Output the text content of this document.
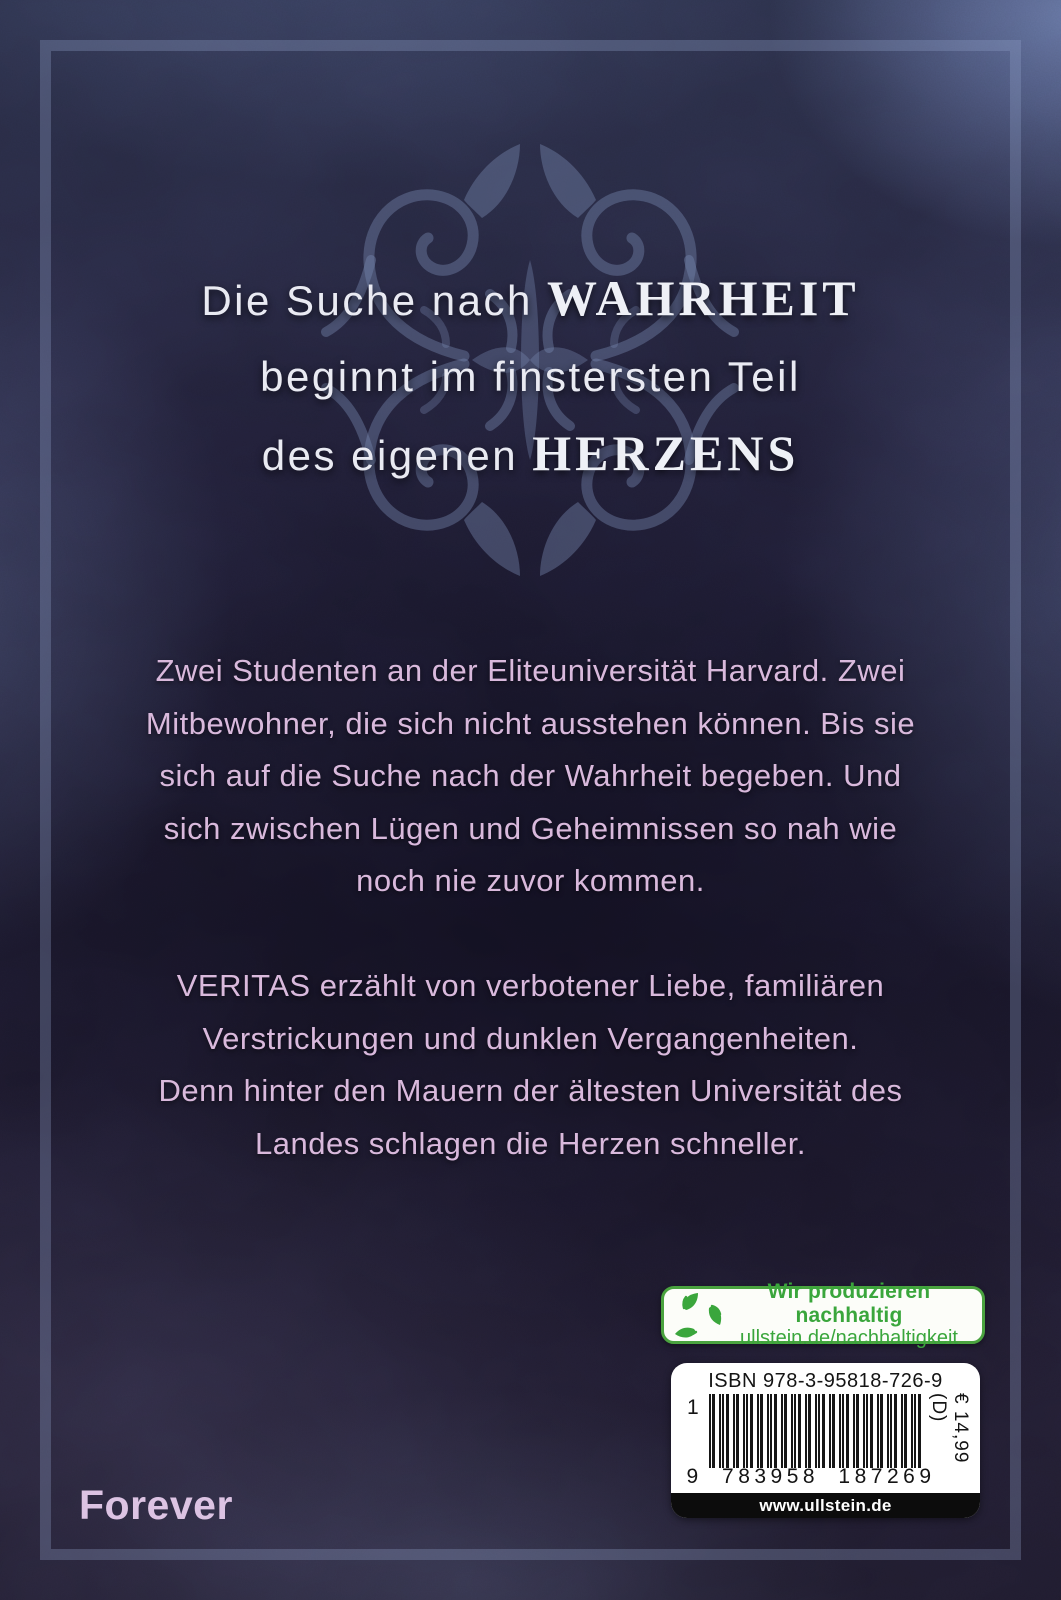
Die Suche nach WAHRHEIT
beginnt im finstersten Teil
des eigenen HERZENS
Zwei Studenten an der Eliteuniversität Harvard. Zwei
Mitbewohner, die sich nicht ausstehen können. Bis sie
sich auf die Suche nach der Wahrheit begeben. Und
sich zwischen Lügen und Geheimnissen so nah wie
noch nie zuvor kommen.
VERITAS erzählt von verbotener Liebe, familiären
Verstrickungen und dunklen Vergangenheiten.
Denn hinter den Mauern der ältesten Universität des
Landes schlagen die Herzen schneller.
Wir produzieren nachhaltig
ullstein.de/nachhaltigkeit
ISBN 978-3-95818-726-9
1
9 783958 187269
€ 14,99 (D)
www.ullstein.de
Forever
